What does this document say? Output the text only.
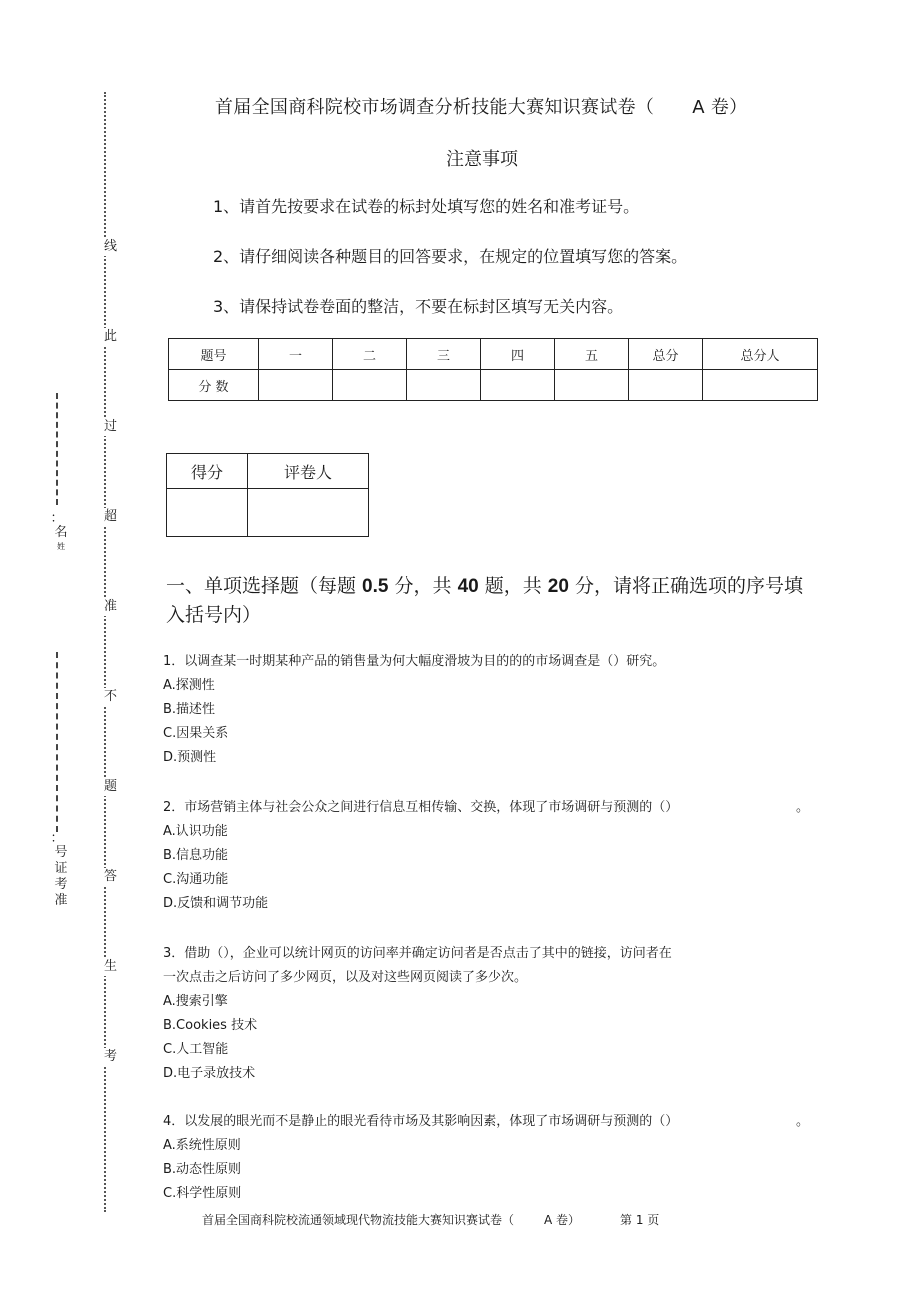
线
此
过
超
准
不
题
答
生
考
：
名
姓
：
号
证
考
准
首届全国商科院校市场调查分析技能大赛知识赛试卷（ A 卷）
注意事项
1、请首先按要求在试卷的标封处填写您的姓名和准考证号。
2、请仔细阅读各种题目的回答要求，在规定的位置填写您的答案。
3、请保持试卷卷面的整洁，不要在标封区填写无关内容。
题号	一	二	三	四	五	总分	总分人
分 数							
得分	评卷人

一、单项选择题（每题 0.5 分，共 40 题，共 20 分，请将正确选项的序号填入括号内）
1．以调查某一时期某种产品的销售量为何大幅度滑坡为目的的的市场调查是（）研究。
A.探测性
B.描述性
C.因果关系
D.预测性
2．市场营销主体与社会公众之间进行信息互相传输、交换，体现了市场调研与预测的（）	。
A.认识功能
B.信息功能
C.沟通功能
D.反馈和调节功能
3．借助（），企业可以统计网页的访问率并确定访问者是否点击了其中的链接，访问者在
一次点击之后访问了多少网页，以及对这些网页阅读了多少次。
A.搜索引擎
B.Cookies 技术
C.人工智能
D.电子录放技术
4．以发展的眼光而不是静止的眼光看待市场及其影响因素，体现了市场调研与预测的（）	。
A.系统性原则
B.动态性原则
C.科学性原则
首届全国商科院校流通领域现代物流技能大赛知识赛试卷（	A 卷）	第 1 页
